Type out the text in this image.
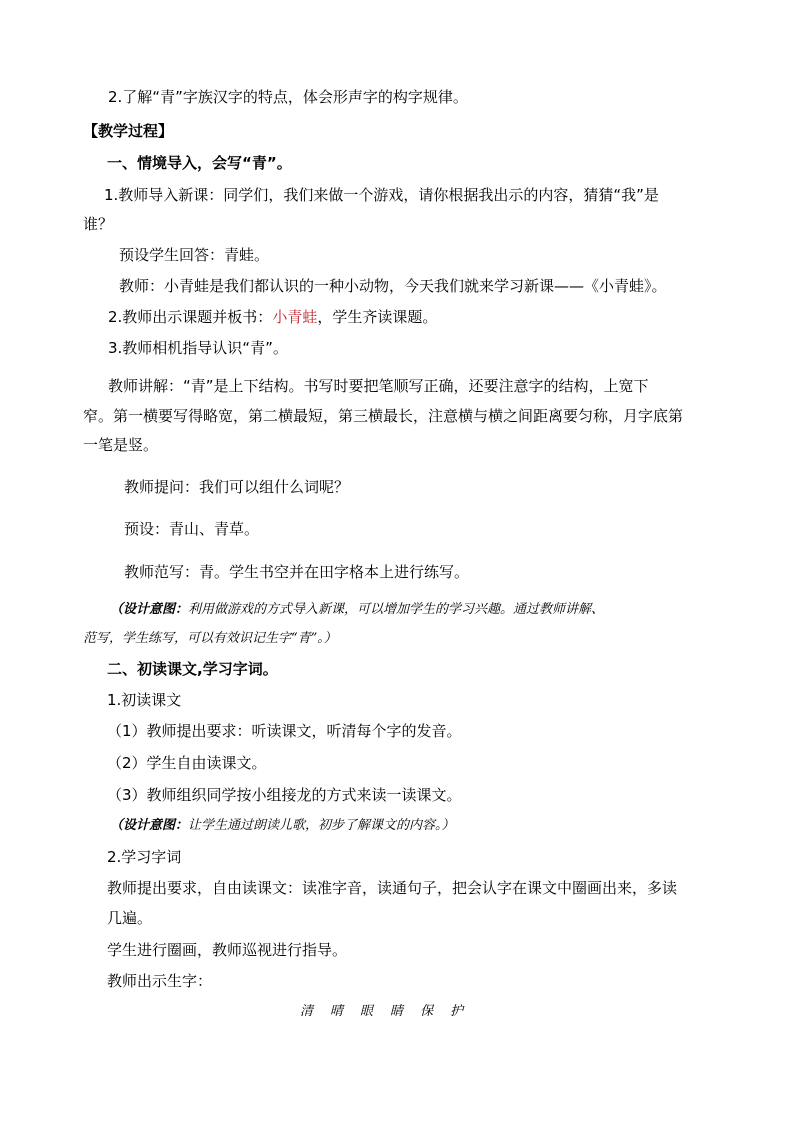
2.了解“青”字族汉字的特点，体会形声字的构字规律。
【教学过程】
一、情境导入，会写“青”。
1.教师导入新课：同学们，我们来做一个游戏，请你根据我出示的内容，猜猜“我”是
谁？
预设学生回答：青蛙。
教师：小青蛙是我们都认识的一种小动物，今天我们就来学习新课——《小青蛙》。
2.教师出示课题并板书：小青蛙，学生齐读课题。
3.教师相机指导认识“青”。
教师讲解：“青”是上下结构。书写时要把笔顺写正确，还要注意字的结构，上宽下
窄。第一横要写得略宽，第二横最短，第三横最长，注意横与横之间距离要匀称，月字底第
一笔是竖。
教师提问：我们可以组什么词呢？
预设：青山、青草。
教师范写：青。学生书空并在田字格本上进行练写。
（设计意图：利用做游戏的方式导入新课，可以增加学生的学习兴趣。通过教师讲解、
范写，学生练写，可以有效识记生字“青”。）
二、初读课文,学习字词。
1.初读课文
（1）教师提出要求：听读课文，听清每个字的发音。
（2）学生自由读课文。
（3）教师组织同学按小组接龙的方式来读一读课文。
（设计意图：让学生通过朗读儿歌，初步了解课文的内容。）
2.学习字词
教师提出要求，自由读课文：读准字音，读通句子，把会认字在课文中圈画出来，多读
几遍。
学生进行圈画，教师巡视进行指导。
教师出示生字：
清 晴 眼 睛 保 护
